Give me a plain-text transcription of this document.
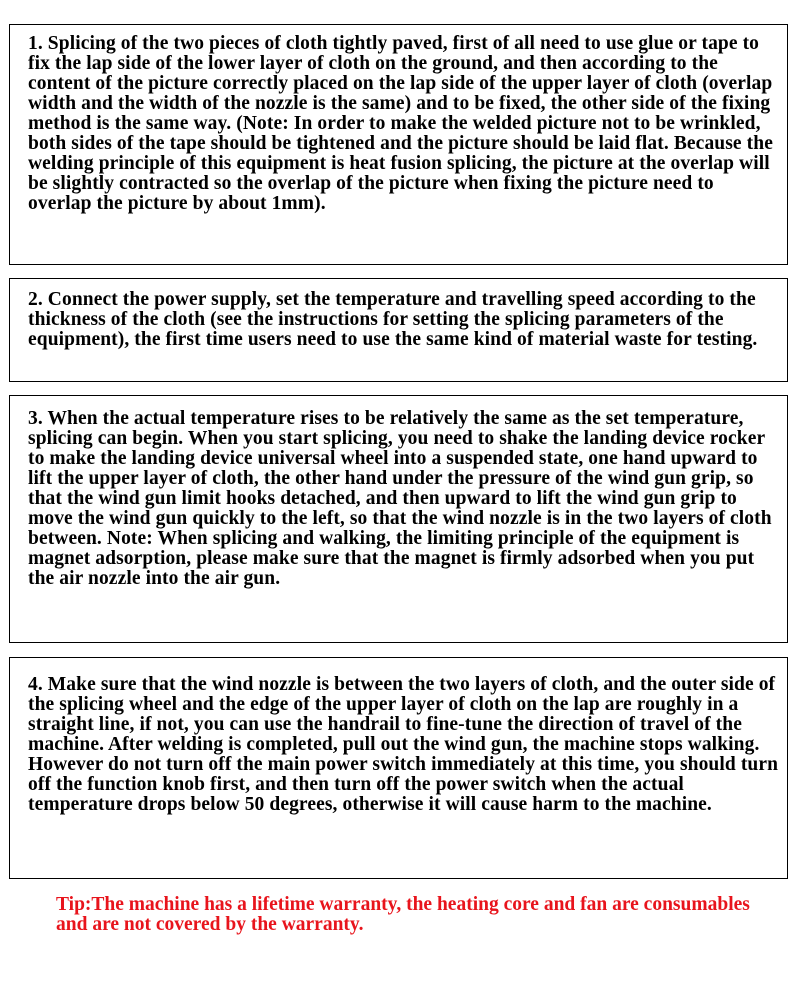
1. Splicing of the two pieces of cloth tightly paved, first of all need to use glue or tape to fix the lap side of the lower layer of cloth on the ground, and then according to the content of the picture correctly placed on the lap side of the upper layer of cloth (overlap width and the width of the nozzle is the same) and to be fixed, the other side of the fixing method is the same way. (Note: In order to make the welded picture not to be wrinkled, both sides of the tape should be tightened and the picture should be laid flat. Because the welding principle of this equipment is heat fusion splicing, the picture at the overlap will be slightly contracted so the overlap of the picture when fixing the picture need to overlap the picture by about 1mm).

2. Connect the power supply, set the temperature and travelling speed according to the thickness of the cloth (see the instructions for setting the splicing parameters of the equipment), the first time users need to use the same kind of material waste for testing.

3. When the actual temperature rises to be relatively the same as the set temperature, splicing can begin. When you start splicing, you need to shake the landing device rocker to make the landing device universal wheel into a suspended state, one hand upward to lift the upper layer of cloth, the other hand under the pressure of the wind gun grip, so that the wind gun limit hooks detached, and then upward to lift the wind gun grip to move the wind gun quickly to the left, so that the wind nozzle is in the two layers of cloth between. Note: When splicing and walking, the limiting principle of the equipment is magnet adsorption, please make sure that the magnet is firmly adsorbed when you put the air nozzle into the air gun.

4. Make sure that the wind nozzle is between the two layers of cloth, and the outer side of the splicing wheel and the edge of the upper layer of cloth on the lap are roughly in a straight line, if not, you can use the handrail to fine-tune the direction of travel of the machine. After welding is completed, pull out the wind gun, the machine stops walking. However do not turn off the main power switch immediately at this time, you should turn off the function knob first, and then turn off the power switch when the actual temperature drops below 50 degrees, otherwise it will cause harm to the machine.

Tip:The machine has a lifetime warranty, the heating core and fan are consumables and are not covered by the warranty.
